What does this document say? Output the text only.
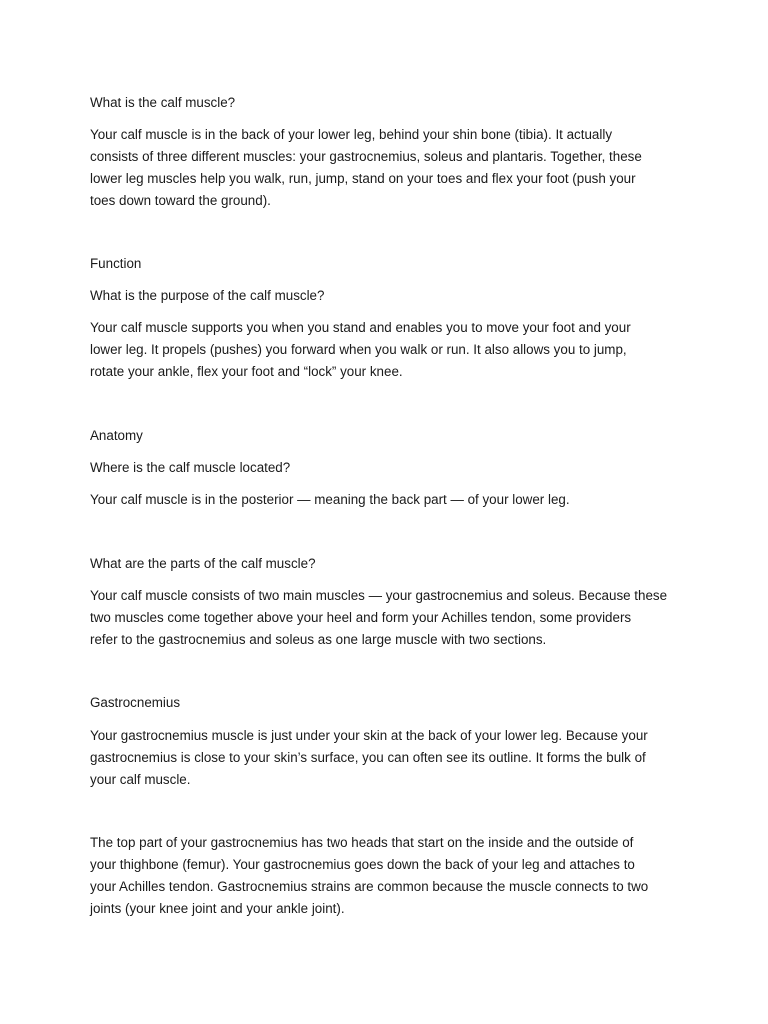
What is the calf muscle?

Your calf muscle is in the back of your lower leg, behind your shin bone (tibia). It actually
consists of three different muscles: your gastrocnemius, soleus and plantaris. Together, these
lower leg muscles help you walk, run, jump, stand on your toes and flex your foot (push your
toes down toward the ground).

Function

What is the purpose of the calf muscle?

Your calf muscle supports you when you stand and enables you to move your foot and your
lower leg. It propels (pushes) you forward when you walk or run. It also allows you to jump,
rotate your ankle, flex your foot and “lock” your knee.

Anatomy

Where is the calf muscle located?

Your calf muscle is in the posterior — meaning the back part — of your lower leg.

What are the parts of the calf muscle?

Your calf muscle consists of two main muscles — your gastrocnemius and soleus. Because these
two muscles come together above your heel and form your Achilles tendon, some providers
refer to the gastrocnemius and soleus as one large muscle with two sections.

Gastrocnemius

Your gastrocnemius muscle is just under your skin at the back of your lower leg. Because your
gastrocnemius is close to your skin’s surface, you can often see its outline. It forms the bulk of
your calf muscle.

The top part of your gastrocnemius has two heads that start on the inside and the outside of
your thighbone (femur). Your gastrocnemius goes down the back of your leg and attaches to
your Achilles tendon. Gastrocnemius strains are common because the muscle connects to two
joints (your knee joint and your ankle joint).
